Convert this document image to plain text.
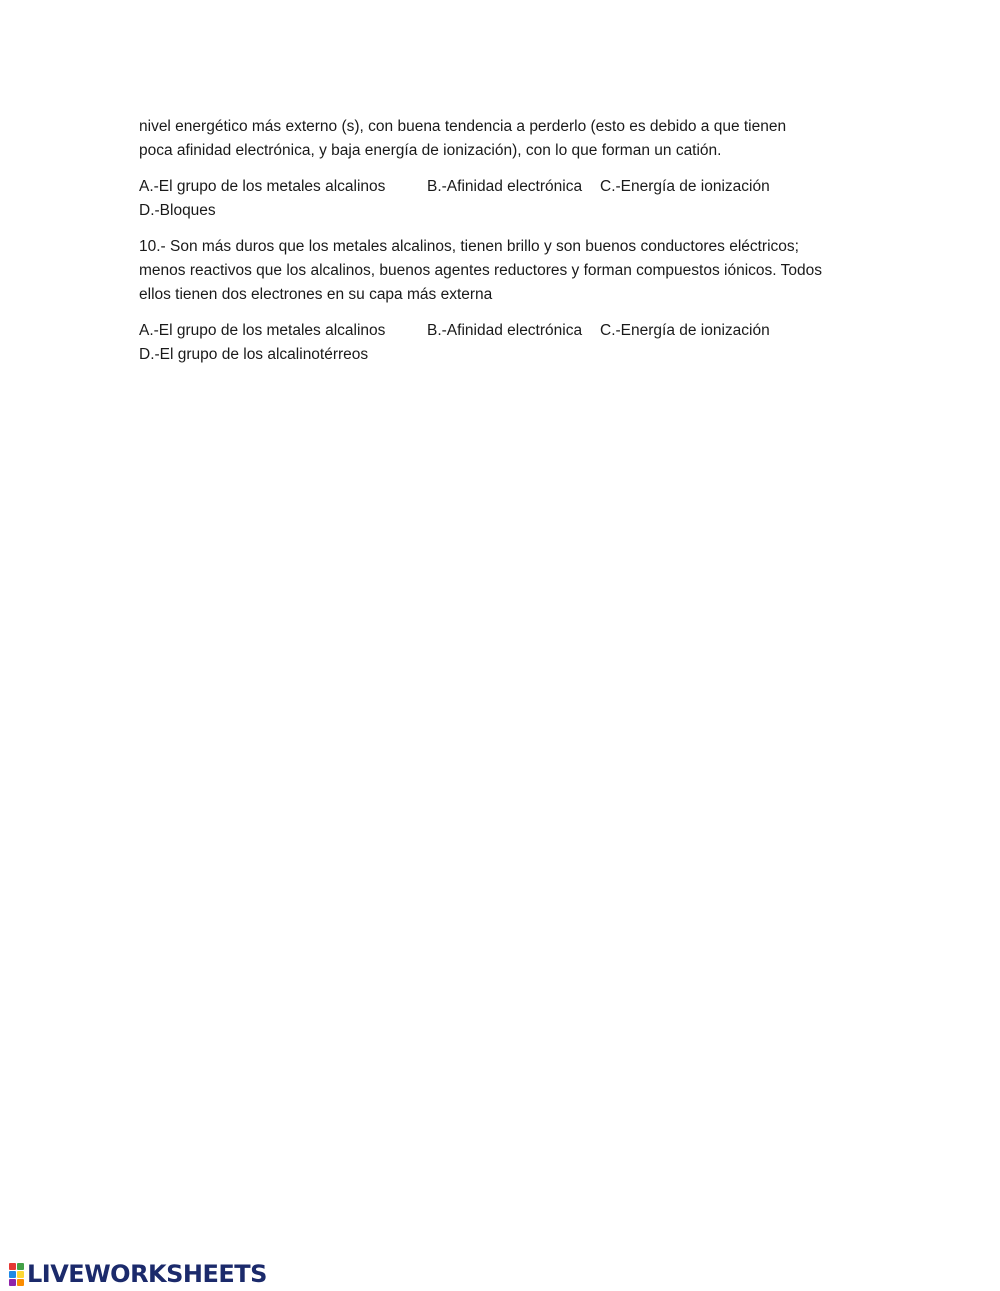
nivel energético más externo (s), con buena tendencia a perderlo (esto es debido a que tienen
poca afinidad electrónica, y baja energía de ionización), con lo que forman un catión.
A.-El grupo de los metales alcalinos	B.-Afinidad electrónica C.-Energía de ionización
D.-Bloques
10.- Son más duros que los metales alcalinos, tienen brillo y son buenos conductores eléctricos;
menos reactivos que los alcalinos, buenos agentes reductores y forman compuestos iónicos. Todos
ellos tienen dos electrones en su capa más externa
A.-El grupo de los metales alcalinos	B.-Afinidad electrónica C.-Energía de ionización
D.-El grupo de los alcalinotérreos
LIVEWORKSHEETS
